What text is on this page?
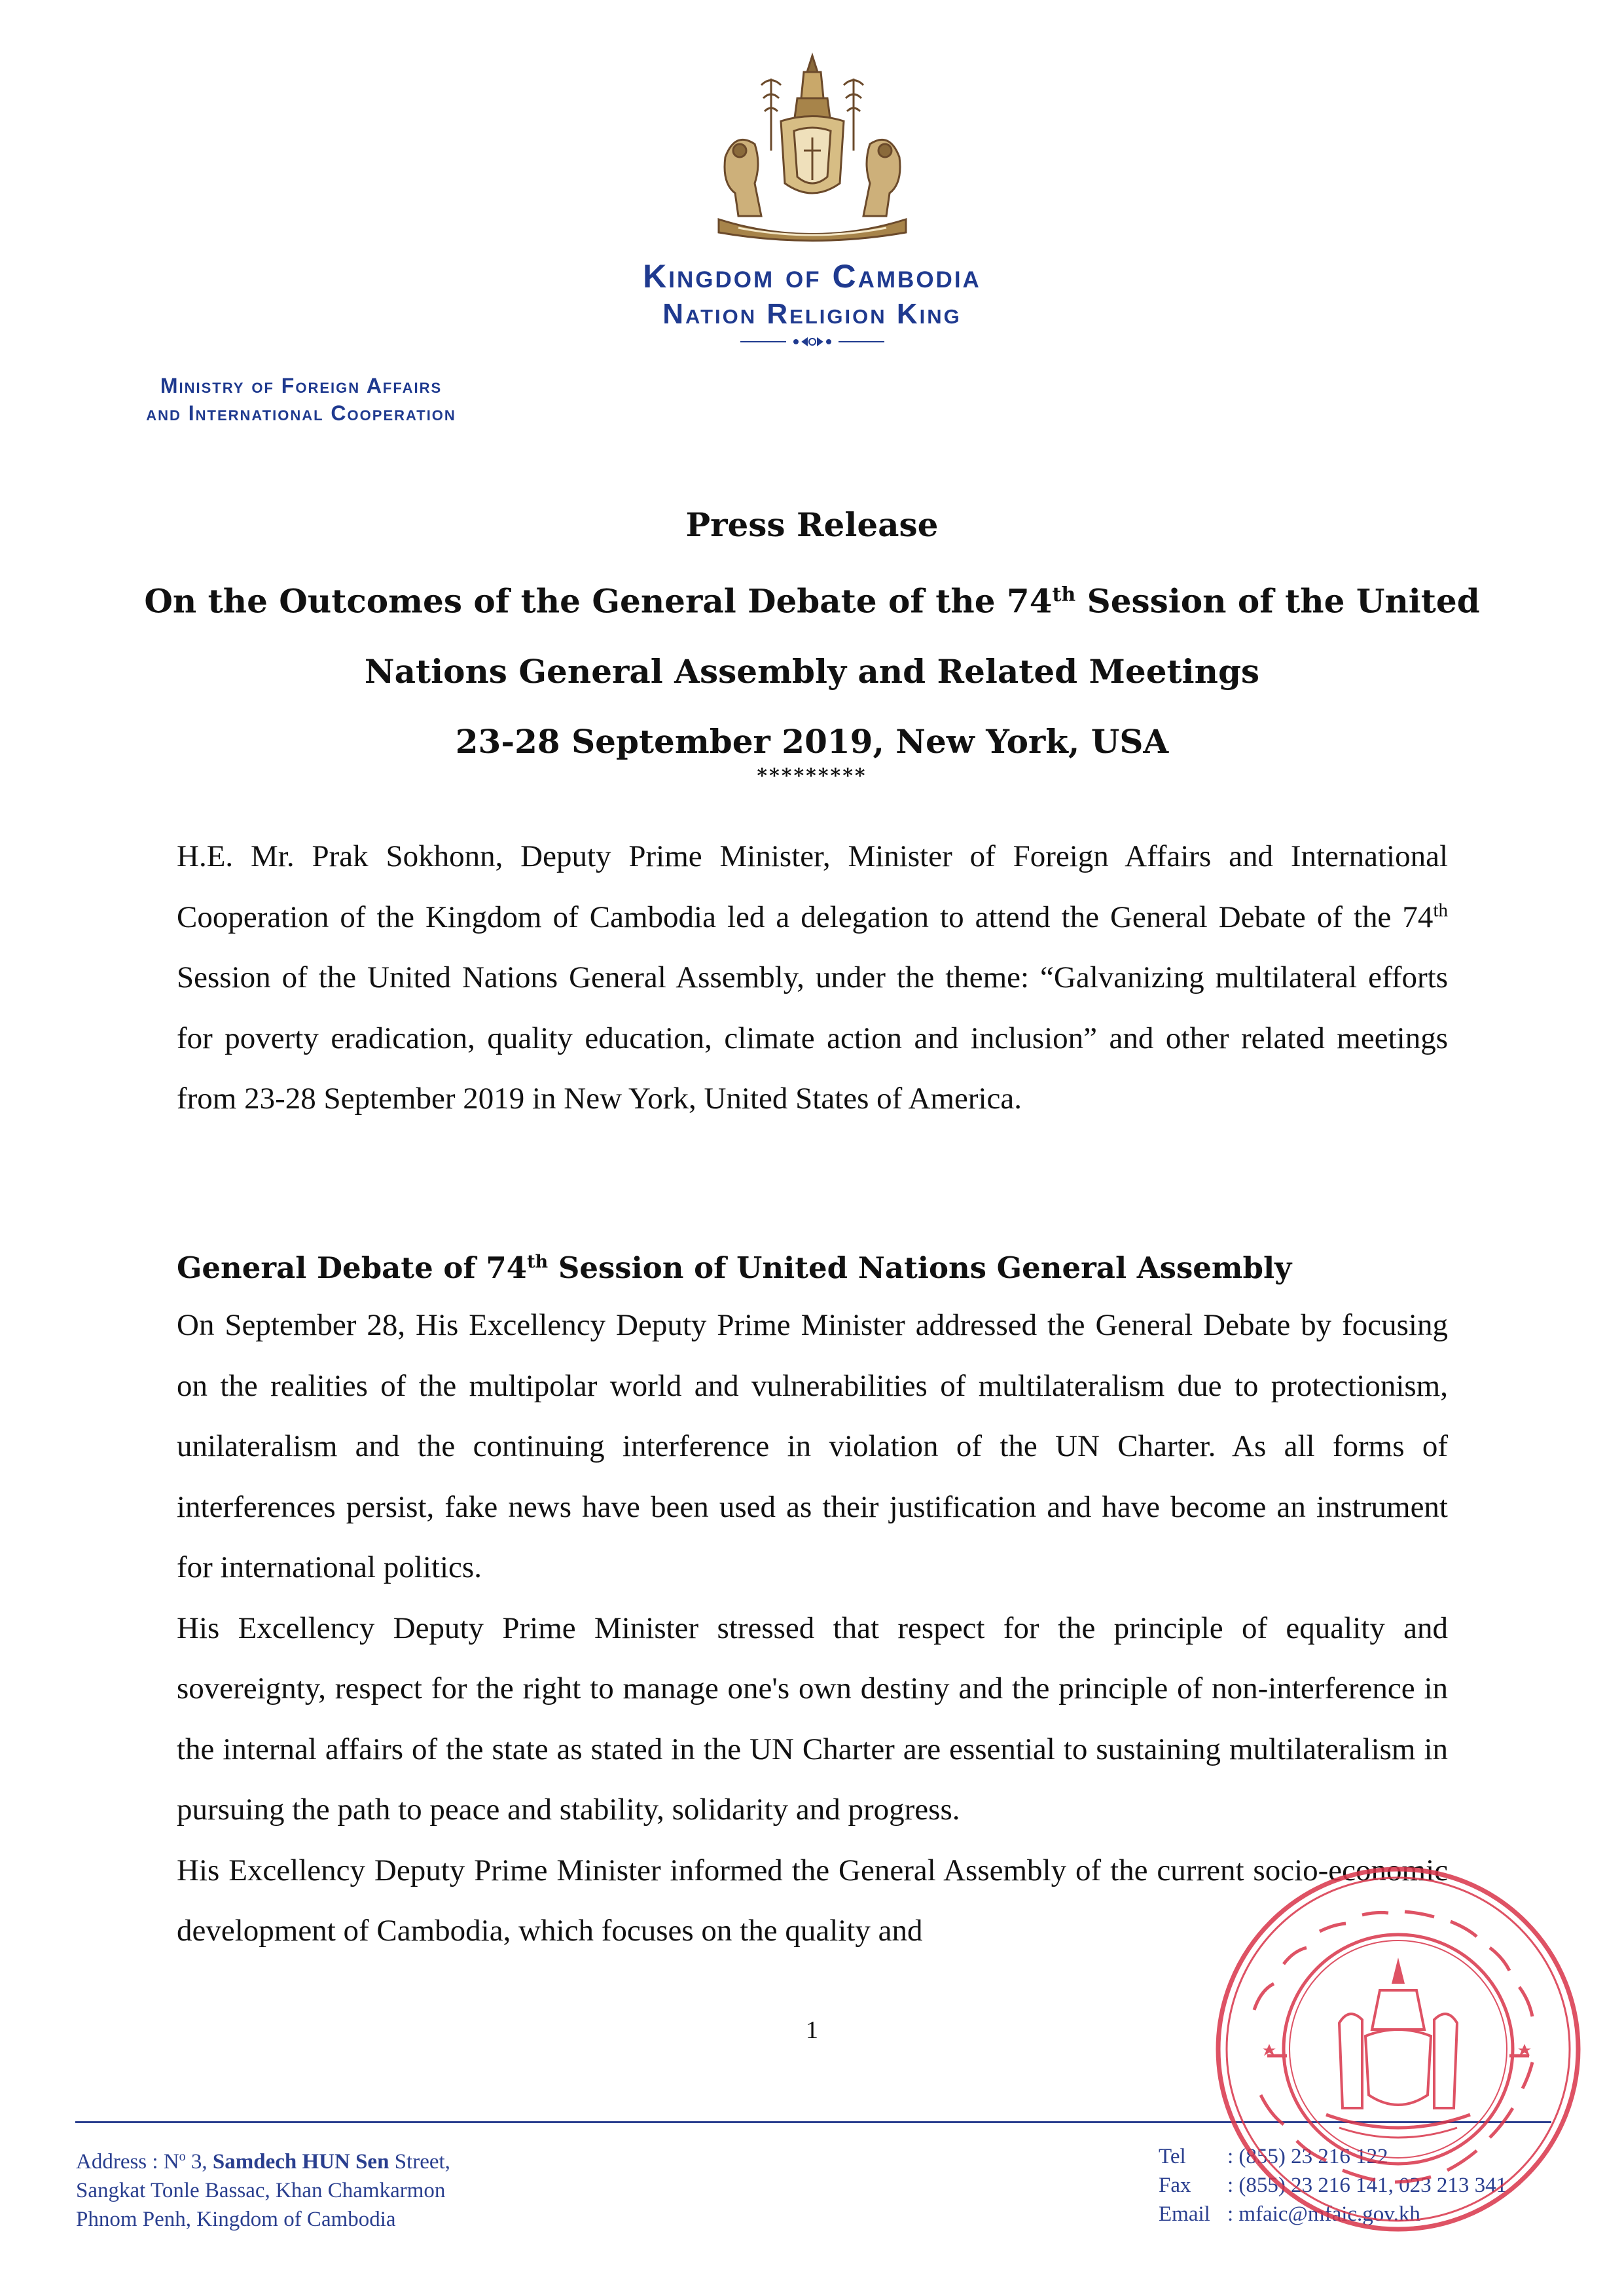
Kingdom of Cambodia
Nation Religion King
Ministry of Foreign Affairs
and International Cooperation
Press Release
On the Outcomes of the General Debate of the 74th Session of the United
Nations General Assembly and Related Meetings
23-28 September 2019, New York, USA
*********

H.E. Mr. Prak Sokhonn, Deputy Prime Minister, Minister of Foreign Affairs and International Cooperation of the Kingdom of Cambodia led a delegation to attend the General Debate of the 74th Session of the United Nations General Assembly, under the theme: “Galvanizing multilateral efforts for poverty eradication, quality education, climate action and inclusion” and other related meetings from 23-28 September 2019 in New York, United States of America.

General Debate of 74th Session of United Nations General Assembly

On September 28, His Excellency Deputy Prime Minister addressed the General Debate by focusing on the realities of the multipolar world and vulnerabilities of multilateralism due to protectionism, unilateralism and the continuing interference in violation of the UN Charter. As all forms of interferences persist, fake news have been used as their justification and have become an instrument for international politics.

His Excellency Deputy Prime Minister stressed that respect for the principle of equality and sovereignty, respect for the right to manage one's own destiny and the principle of non-interference in the internal affairs of the state as stated in the UN Charter are essential to sustaining multilateralism in pursuing the path to peace and stability, solidarity and progress.

His Excellency Deputy Prime Minister informed the General Assembly of the current socio-economic development of Cambodia, which focuses on the quality and

1
Address : $N^o$ 3, Samdech HUN Sen Street,
Sangkat Tonle Bassac, Khan Chamkarmon
Phnom Penh, Kingdom of Cambodia
Tel : (855) 23 216 122
Fax : (855) 23 216 141, 023 213 341
Email : mfaic@mfaic.gov.kh
